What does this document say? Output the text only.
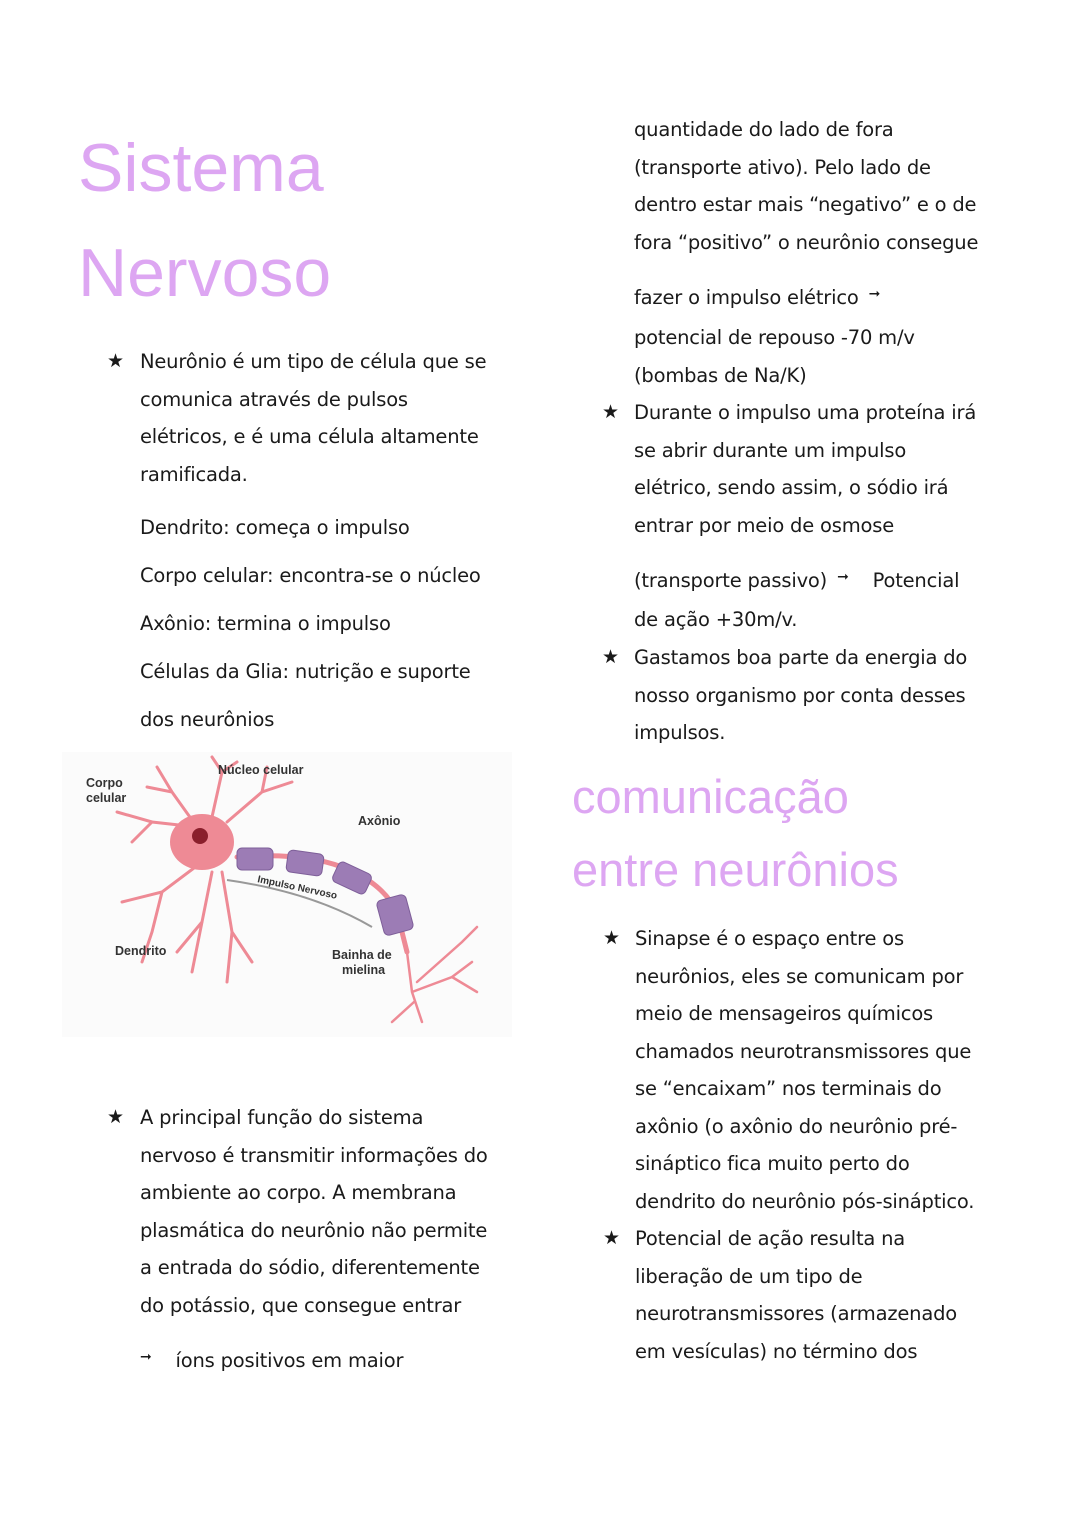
Sistema
Nervoso
★ Neurônio é um tipo de célula que se
comunica através de pulsos
elétricos, e é uma célula altamente
ramificada.
Dendrito: começa o impulso
Corpo celular: encontra-se o núcleo
Axônio: termina o impulso
Células da Glia: nutrição e suporte
dos neurônios
Corpo
celular
Núcleo celular
Axônio
Impulso Nervoso
Dendrito	Bainha de
mielina
★ A principal função do sistema
nervoso é transmitir informações do
ambiente ao corpo. A membrana
plasmática do neurônio não permite
a entrada do sódio, diferentemente
do potássio, que consegue entrar
➞ íons positivos em maior
quantidade do lado de fora
(transporte ativo). Pelo lado de
dentro estar mais “negativo” e o de
fora “positivo” o neurônio consegue
fazer o impulso elétrico ➞
potencial de repouso -70 m/v
(bombas de Na/K)
★ Durante o impulso uma proteína irá
se abrir durante um impulso
elétrico, sendo assim, o sódio irá
entrar por meio de osmose
(transporte passivo) ➞ Potencial
de ação +30m/v.
★ Gastamos boa parte da energia do
nosso organismo por conta desses
impulsos.
comunicação
entre neurônios
★ Sinapse é o espaço entre os
neurônios, eles se comunicam por
meio de mensageiros químicos
chamados neurotransmissores que
se “encaixam” nos terminais do
axônio (o axônio do neurônio pré-
sináptico fica muito perto do
dendrito do neurônio pós-sináptico.
★ Potencial de ação resulta na
liberação de um tipo de
neurotransmissores (armazenado
em vesículas) no término dos
